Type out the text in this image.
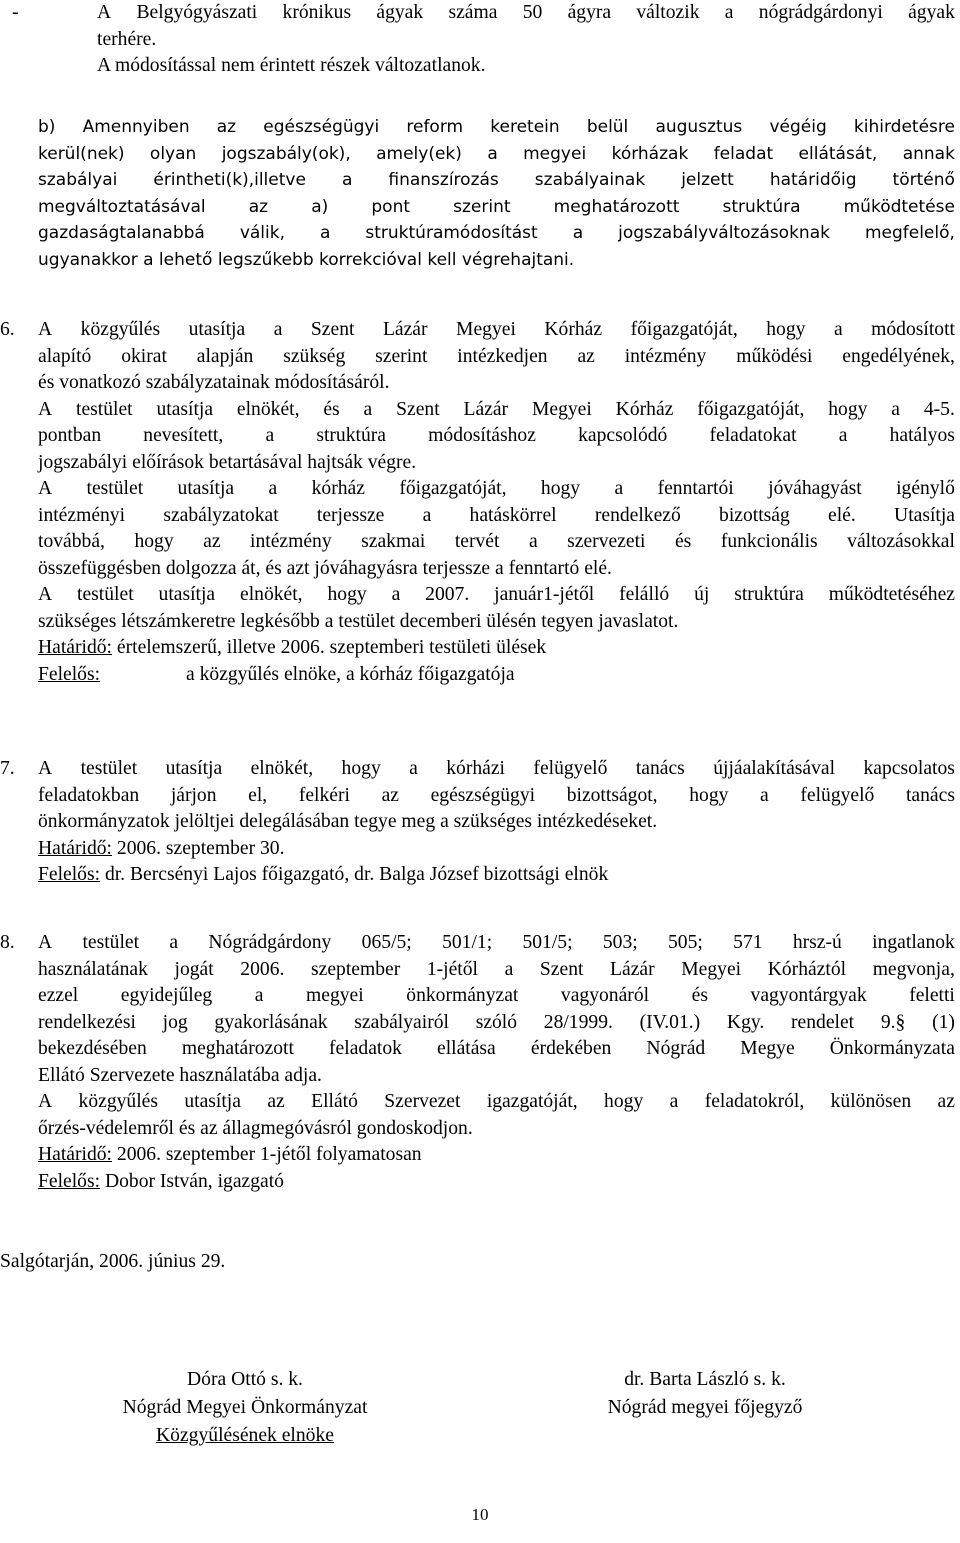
-	A Belgyógyászati krónikus ágyak száma 50 ágyra változik a nógrádgárdonyi ágyak
terhére.
A módosítással nem érintett részek változatlanok.
b) Amennyiben az egészségügyi reform keretein belül augusztus végéig kihirdetésre
kerül(nek) olyan jogszabály(ok), amely(ek) a megyei kórházak feladat ellátását, annak
szabályai érintheti(k),illetve a finanszírozás szabályainak jelzett határidőig történő
megváltoztatásával	az	a)	pont	szerint	meghatározott	struktúra	működtetése
gazdaságtalanabbá válik, a struktúramódosítást a jogszabályváltozásoknak megfelelő,
ugyanakkor a lehető legszűkebb korrekcióval kell végrehajtani.
6. A közgyűlés utasítja a Szent Lázár Megyei Kórház főigazgatóját, hogy a módosított
alapító okirat alapján szükség szerint intézkedjen az intézmény működési engedélyének,
és vonatkozó szabályzatainak módosításáról.
A testület utasítja elnökét, és a Szent Lázár Megyei Kórház főigazgatóját, hogy a 4-5.
pontban nevesített, a struktúra módosításhoz kapcsolódó feladatokat a hatályos
jogszabályi előírások betartásával hajtsák végre.
A testület utasítja a kórház főigazgatóját, hogy a fenntartói jóváhagyást igénylő
intézményi szabályzatokat terjessze a hatáskörrel rendelkező bizottság elé. Utasítja
továbbá, hogy az intézmény szakmai tervét a szervezeti és funkcionális változásokkal
összefüggésben dolgozza át, és azt jóváhagyásra terjessze a fenntartó elé.
A testület utasítja elnökét, hogy a 2007. január1-jétől felálló új struktúra működtetéséhez
szükséges létszámkeretre legkésőbb a testület decemberi ülésén tegyen javaslatot.
Határidő: értelemszerű, illetve 2006. szeptemberi testületi ülések
Felelős:	a közgyűlés elnöke, a kórház főigazgatója
7. A testület utasítja elnökét, hogy a kórházi felügyelő tanács újjáalakításával kapcsolatos
feladatokban járjon el, felkéri az egészségügyi bizottságot, hogy a felügyelő tanács
önkormányzatok jelöltjei delegálásában tegye meg a szükséges intézkedéseket.
Határidő: 2006. szeptember 30.
Felelős: dr. Bercsényi Lajos főigazgató, dr. Balga József bizottsági elnök
8. A testület a Nógrádgárdony 065/5; 501/1; 501/5; 503; 505; 571 hrsz-ú ingatlanok
használatának jogát 2006. szeptember 1-jétől a Szent Lázár Megyei Kórháztól megvonja,
ezzel egyidejűleg a megyei önkormányzat vagyonáról és vagyontárgyak feletti
rendelkezési jog gyakorlásának szabályairól szóló 28/1999. (IV.01.) Kgy. rendelet 9.§ (1)
bekezdésében meghatározott feladatok ellátása érdekében Nógrád Megye Önkormányzata
Ellátó Szervezete használatába adja.
A közgyűlés utasítja az Ellátó Szervezet igazgatóját, hogy a feladatokról, különösen az
őrzés-védelemről és az állagmegóvásról gondoskodjon.
Határidő: 2006. szeptember 1-jétől folyamatosan
Felelős: Dobor István, igazgató
Salgótarján, 2006. június 29.
Dóra Ottó s. k.
Nógrád Megyei Önkormányzat
Közgyűlésének elnöke
dr. Barta László s. k.
Nógrád megyei főjegyző
10
